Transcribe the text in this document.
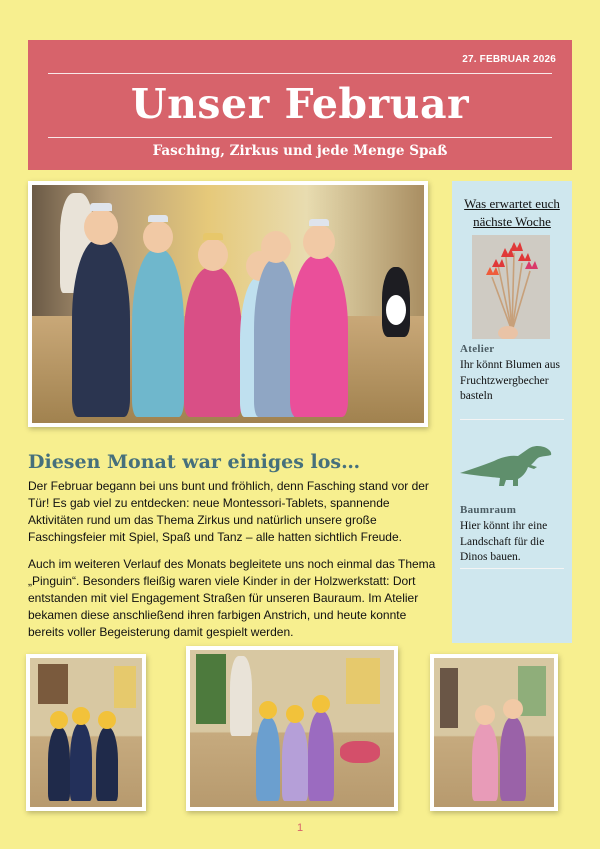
27. FEBRUAR 2026
Unser Februar
Fasching, Zirkus und jede Menge Spaß
Was erwartet euch nächste Woche
Atelier
Ihr könnt Blumen aus Fruchtzwergbecher basteln
Baumraum
Hier könnt ihr eine Landschaft für die Dinos bauen.
Diesen Monat war einiges los…
Der Februar begann bei uns bunt und fröhlich, denn Fasching stand vor der Tür! Es gab viel zu entdecken: neue Montessori-Tablets, spannende Aktivitäten rund um das Thema Zirkus und natürlich unsere große Faschingsfeier mit Spiel, Spaß und Tanz – alle hatten sichtlich Freude.
Auch im weiteren Verlauf des Monats begleitete uns noch einmal das Thema „Pinguin“. Besonders fleißig waren viele Kinder in der Holzwerkstatt: Dort entstanden mit viel Engagement Straßen für unseren Bauraum. Im Atelier bekamen diese anschließend ihren farbigen Anstrich, und heute konnte bereits voller Begeisterung damit gespielt werden.
1
